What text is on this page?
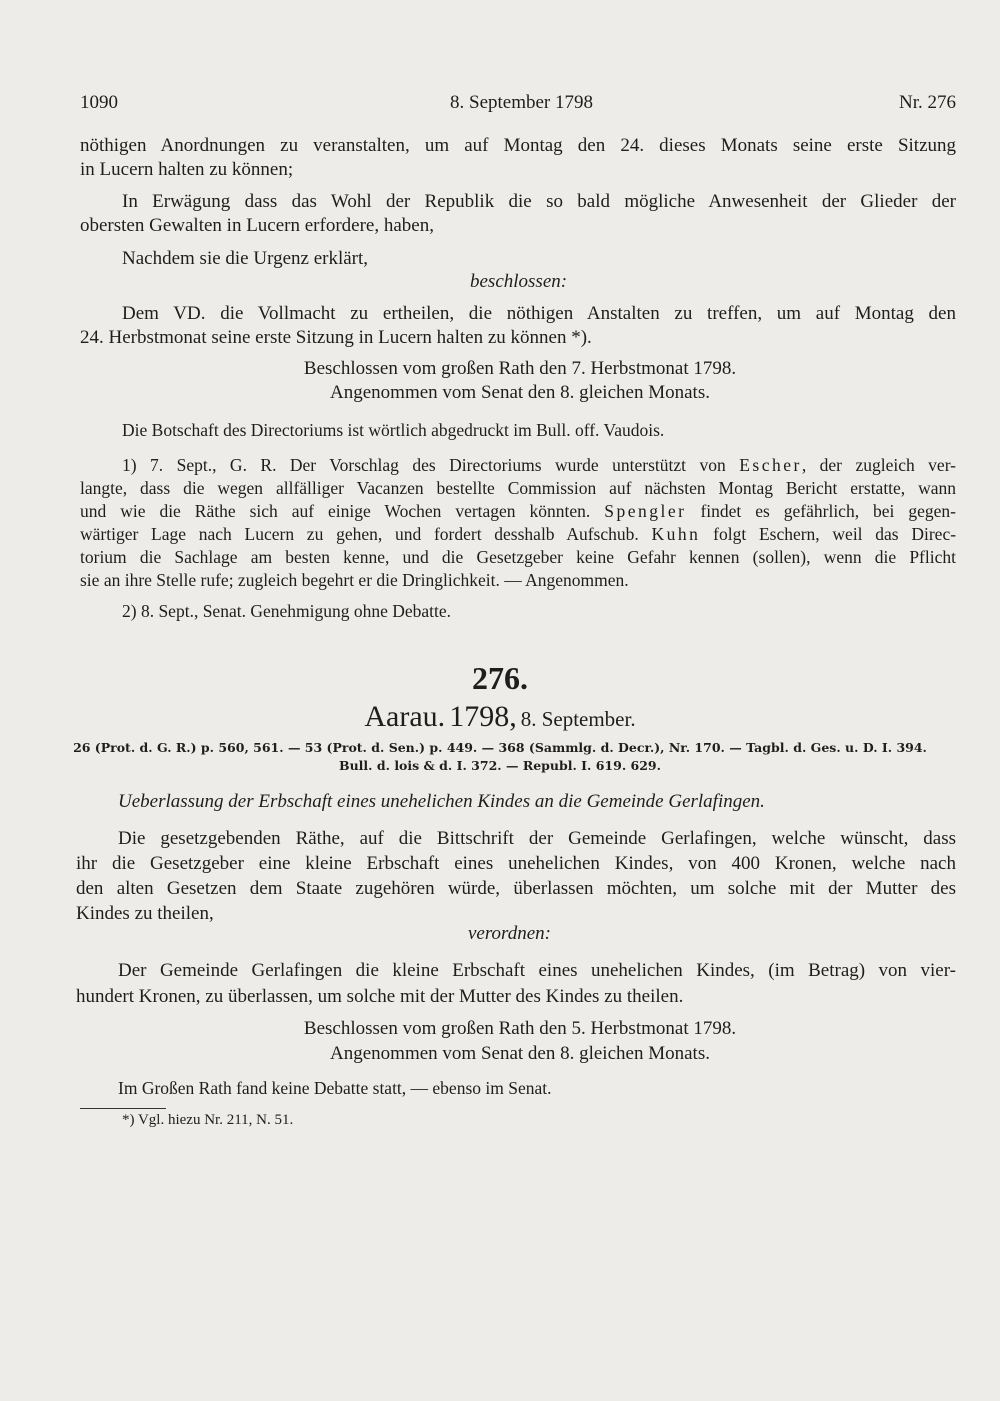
1090	8. September 1798	Nr. 276
nöthigen Anordnungen zu veranstalten, um auf Montag den 24. dieses Monats seine erste Sitzung
in Lucern halten zu können;
In Erwägung dass das Wohl der Republik die so bald mögliche Anwesenheit der Glieder der
obersten Gewalten in Lucern erfordere, haben,
Nachdem sie die Urgenz erklärt,
beschlossen:
Dem VD. die Vollmacht zu ertheilen, die nöthigen Anstalten zu treffen, um auf Montag den
24. Herbstmonat seine erste Sitzung in Lucern halten zu können *).
Beschlossen vom großen Rath den 7. Herbstmonat 1798.
Angenommen vom Senat den 8. gleichen Monats.
Die Botschaft des Directoriums ist wörtlich abgedruckt im Bull. off. Vaudois.
1) 7. Sept., G. R. Der Vorschlag des Directoriums wurde unterstützt von Escher, der zugleich ver-
langte, dass die wegen allfälliger Vacanzen bestellte Commission auf nächsten Montag Bericht erstatte, wann
und wie die Räthe sich auf einige Wochen vertagen könnten. Spengler findet es gefährlich, bei gegen-
wärtiger Lage nach Lucern zu gehen, und fordert desshalb Aufschub. Kuhn folgt Eschern, weil das Direc-
torium die Sachlage am besten kenne, und die Gesetzgeber keine Gefahr kennen (sollen), wenn die Pflicht
sie an ihre Stelle rufe; zugleich begehrt er die Dringlichkeit. — Angenommen.
2) 8. Sept., Senat. Genehmigung ohne Debatte.
276.
Aarau. 1798, 8. September.
26 (Prot. d. G. R.) p. 560, 561. — 53 (Prot. d. Sen.) p. 449. — 368 (Sammlg. d. Decr.), Nr. 170. — Tagbl. d. Ges. u. D. I. 394.
Bull. d. lois & d. I. 372. — Republ. I. 619. 629.
Ueberlassung der Erbschaft eines unehelichen Kindes an die Gemeinde Gerlafingen.
Die gesetzgebenden Räthe, auf die Bittschrift der Gemeinde Gerlafingen, welche wünscht, dass
ihr die Gesetzgeber eine kleine Erbschaft eines unehelichen Kindes, von 400 Kronen, welche nach
den alten Gesetzen dem Staate zugehören würde, überlassen möchten, um solche mit der Mutter des
Kindes zu theilen,
verordnen:
Der Gemeinde Gerlafingen die kleine Erbschaft eines unehelichen Kindes, (im Betrag) von vier-
hundert Kronen, zu überlassen, um solche mit der Mutter des Kindes zu theilen.
Beschlossen vom großen Rath den 5. Herbstmonat 1798.
Angenommen vom Senat den 8. gleichen Monats.
Im Großen Rath fand keine Debatte statt, — ebenso im Senat.
*) Vgl. hiezu Nr. 211, N. 51.
